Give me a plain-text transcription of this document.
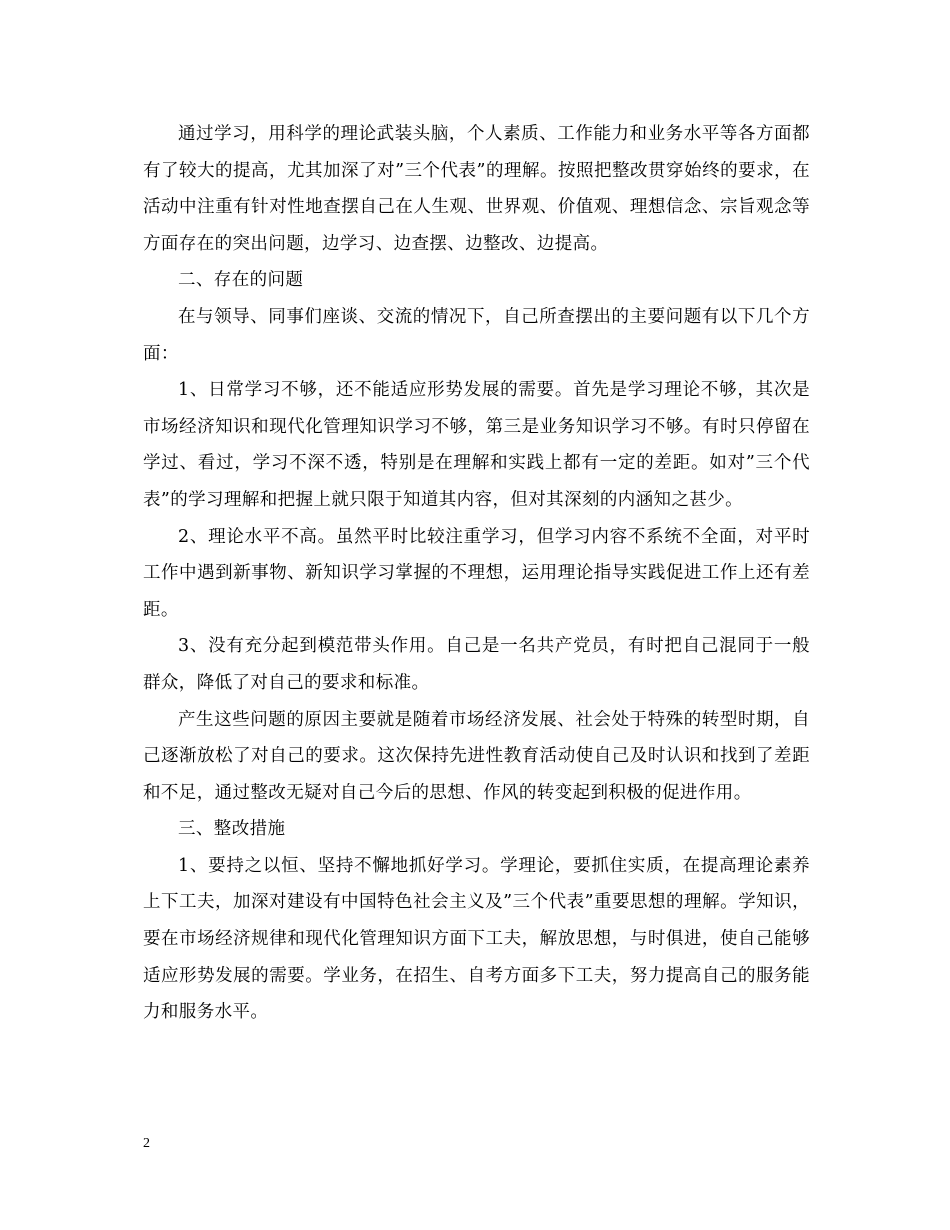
通过学习，用科学的理论武装头脑，个人素质、工作能力和业务水平等各方面都有了较大的提高，尤其加深了对”三个代表”的理解。按照把整改贯穿始终的要求，在活动中注重有针对性地查摆自己在人生观、世界观、价值观、理想信念、宗旨观念等方面存在的突出问题，边学习、边查摆、边整改、边提高。

二、存在的问题

在与领导、同事们座谈、交流的情况下，自己所查摆出的主要问题有以下几个方面：

1、日常学习不够，还不能适应形势发展的需要。首先是学习理论不够，其次是市场经济知识和现代化管理知识学习不够，第三是业务知识学习不够。有时只停留在学过、看过，学习不深不透，特别是在理解和实践上都有一定的差距。如对”三个代表”的学习理解和把握上就只限于知道其内容，但对其深刻的内涵知之甚少。

2、理论水平不高。虽然平时比较注重学习，但学习内容不系统不全面，对平时工作中遇到新事物、新知识学习掌握的不理想，运用理论指导实践促进工作上还有差距。

3、没有充分起到模范带头作用。自己是一名共产党员，有时把自己混同于一般群众，降低了对自己的要求和标准。

产生这些问题的原因主要就是随着市场经济发展、社会处于特殊的转型时期，自己逐渐放松了对自己的要求。这次保持先进性教育活动使自己及时认识和找到了差距和不足，通过整改无疑对自己今后的思想、作风的转变起到积极的促进作用。

三、整改措施

1、要持之以恒、坚持不懈地抓好学习。学理论，要抓住实质，在提高理论素养上下工夫，加深对建设有中国特色社会主义及”三个代表”重要思想的理解。学知识，要在市场经济规律和现代化管理知识方面下工夫，解放思想，与时俱进，使自己能够适应形势发展的需要。学业务，在招生、自考方面多下工夫，努力提高自己的服务能力和服务水平。

2
